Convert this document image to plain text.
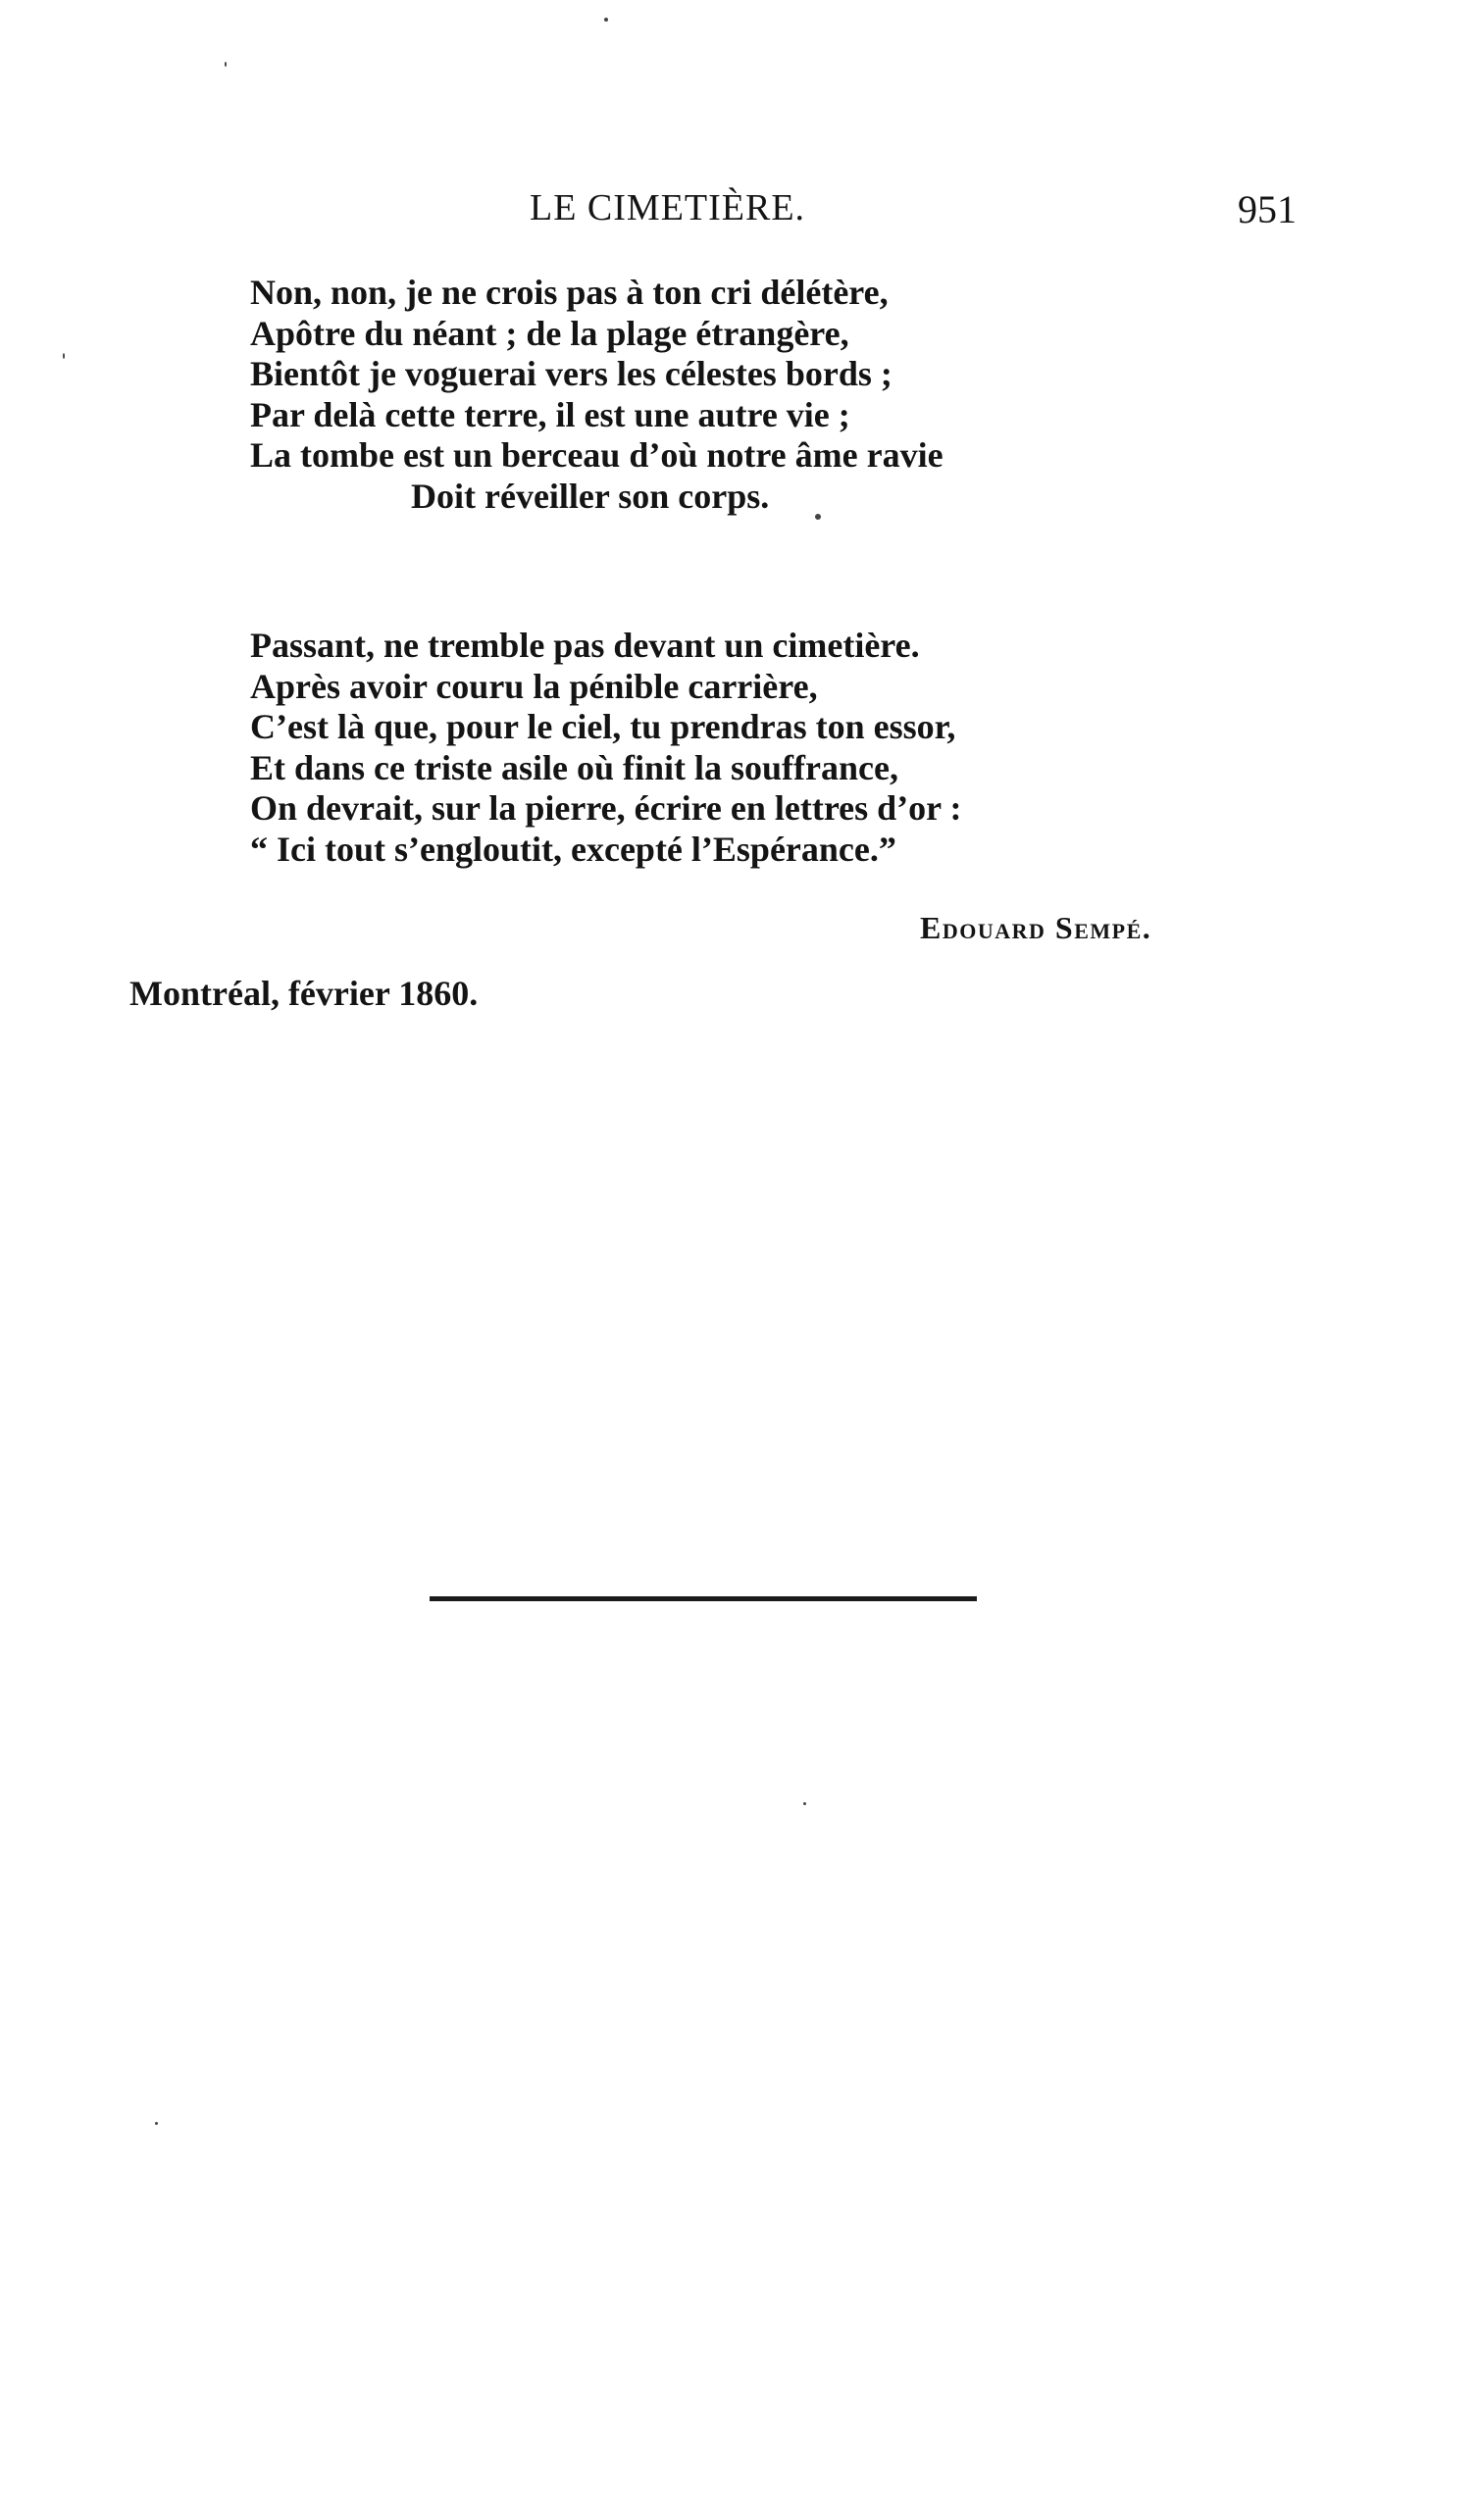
LE CIMETIÈRE.	951
Non, non, je ne crois pas à ton cri délétère,
Apôtre du néant ; de la plage étrangère,
Bientôt je voguerai vers les célestes bords ;
Par delà cette terre, il est une autre vie ;
La tombe est un berceau d’où notre âme ravie
Doit réveiller son corps.
Passant, ne tremble pas devant un cimetière.
Après avoir couru la pénible carrière,
C’est là que, pour le ciel, tu prendras ton essor,
Et dans ce triste asile où finit la souffrance,
On devrait, sur la pierre, écrire en lettres d’or :
“ Ici tout s’engloutit, excepté l’Espérance.”
Edouard Sempé.
Montréal, février 1860.
